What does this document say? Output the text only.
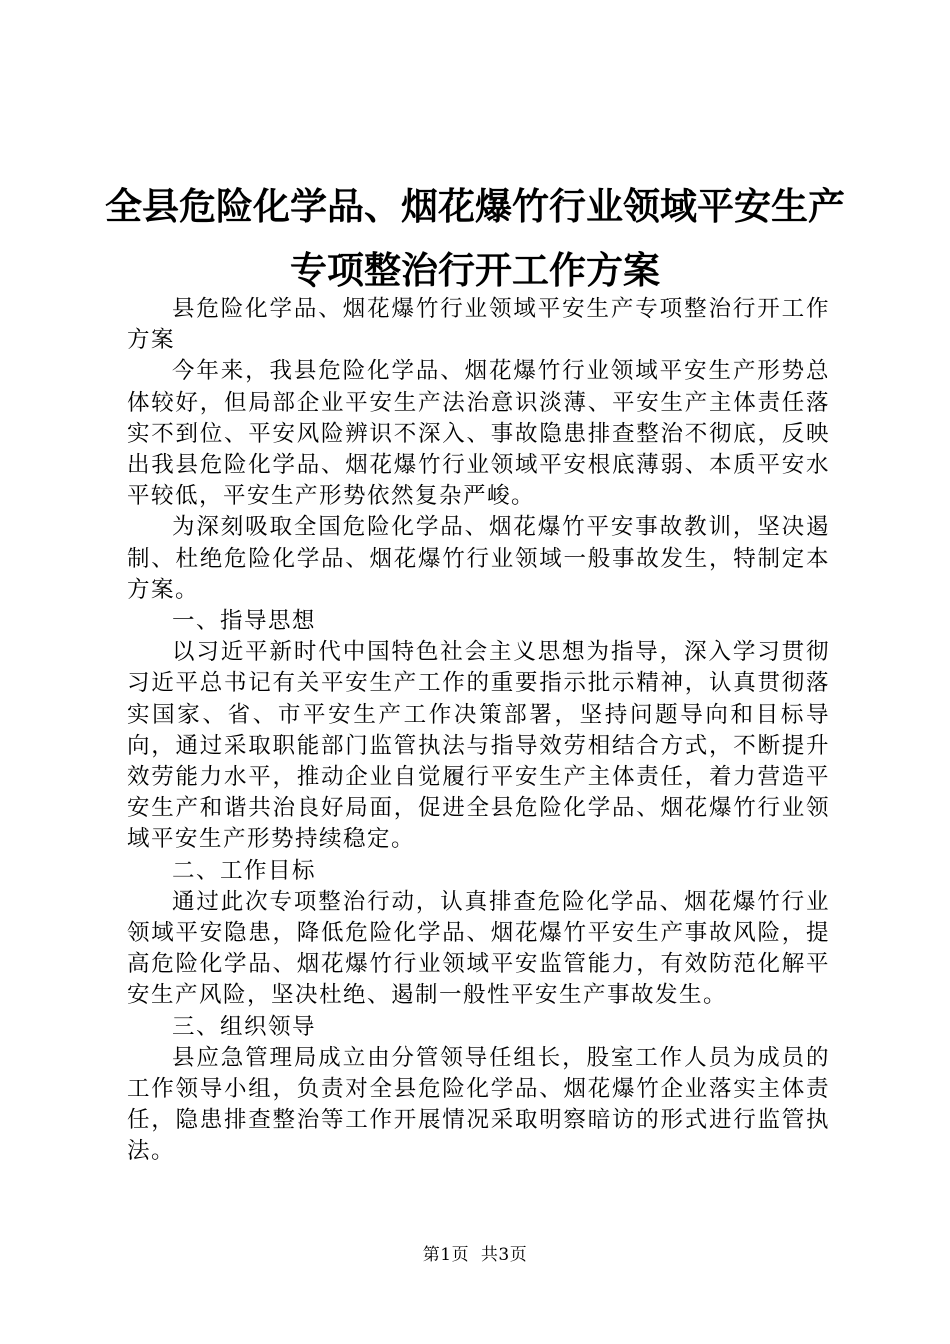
全县危险化学品、烟花爆竹行业领域平安生产
专项整治行开工作方案

县危险化学品、烟花爆竹行业领域平安生产专项整治行开工作方案

今年来，我县危险化学品、烟花爆竹行业领域平安生产形势总体较好，但局部企业平安生产法治意识淡薄、平安生产主体责任落实不到位、平安风险辨识不深入、事故隐患排查整治不彻底，反映出我县危险化学品、烟花爆竹行业领域平安根底薄弱、本质平安水平较低，平安生产形势依然复杂严峻。

为深刻吸取全国危险化学品、烟花爆竹平安事故教训，坚决遏制、杜绝危险化学品、烟花爆竹行业领域一般事故发生，特制定本方案。

一、指导思想

以习近平新时代中国特色社会主义思想为指导，深入学习贯彻习近平总书记有关平安生产工作的重要指示批示精神，认真贯彻落实国家、省、市平安生产工作决策部署，坚持问题导向和目标导向，通过采取职能部门监管执法与指导效劳相结合方式，不断提升效劳能力水平，推动企业自觉履行平安生产主体责任，着力营造平安生产和谐共治良好局面，促进全县危险化学品、烟花爆竹行业领域平安生产形势持续稳定。

二、工作目标

通过此次专项整治行动，认真排查危险化学品、烟花爆竹行业领域平安隐患，降低危险化学品、烟花爆竹平安生产事故风险，提高危险化学品、烟花爆竹行业领域平安监管能力，有效防范化解平安生产风险，坚决杜绝、遏制一般性平安生产事故发生。

三、组织领导

县应急管理局成立由分管领导任组长，股室工作人员为成员的工作领导小组，负责对全县危险化学品、烟花爆竹企业落实主体责任，隐患排查整治等工作开展情况采取明察暗访的形式进行监管执法。

第1页  共3页
